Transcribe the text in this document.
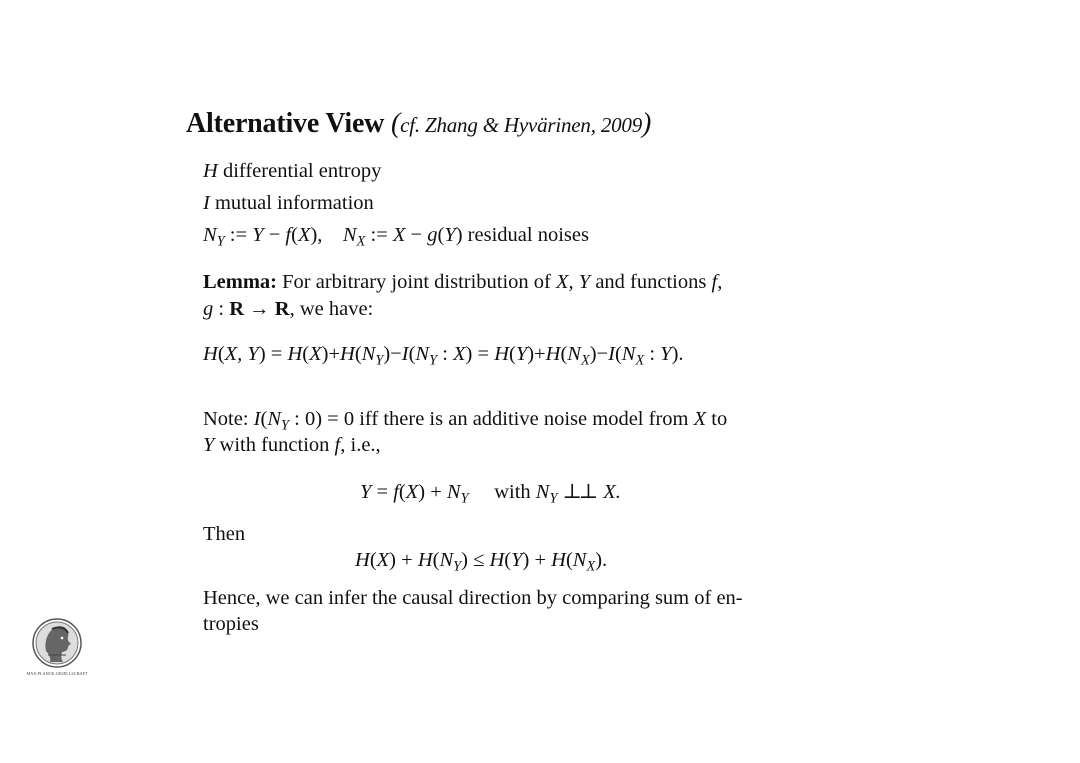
Alternative View (cf. Zhang & Hyvärinen, 2009)
H differential entropy
I mutual information
$N_Y$ := Y − f(X),    $N_X$ := X − g(Y) residual noises
Lemma: For arbitrary joint distribution of X, Y and functions f,
g : R → R, we have:
H(X, $Y) = H(X)+H(N_Y)-I(N_Y$ : $X) = H(Y)+H(N_X)-I(N_X$ : Y).
Note: $I(N_Y$ : 0) = 0 iff there is an additive noise model from X to
Y with function f, i.e.,
$Y = f(X) + N_Y$ with $N_Y$ ⊥⊥ X.
Then
$H(X) + H(N_Y) \le H(Y) + H(N_X)$.
Hence, we can infer the causal direction by comparing sum of en-
tropies
MAX-PLANCK-GESELLSCHAFT
